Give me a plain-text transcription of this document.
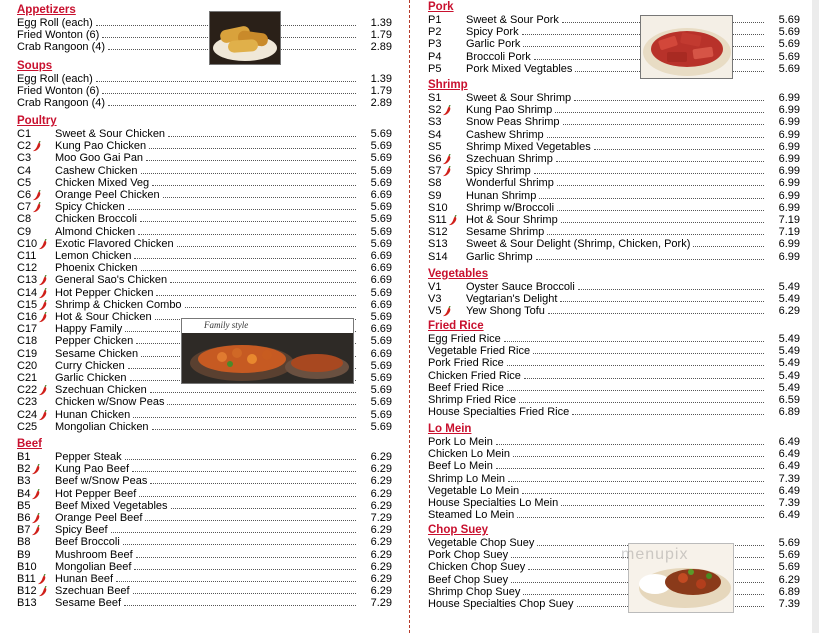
Appetizers
Egg Roll (each)	1.39
Fried Wonton (6)	1.79
Crab Rangoon (4)	2.89
Soups
Egg Roll (each)	1.39
Fried Wonton (6)	1.79
Crab Rangoon (4)	2.89
Poultry
C1 Sweet & Sour Chicken	5.69
C2 Kung Pao Chicken	5.69
C3 Moo Goo Gai Pan	5.69
C4 Cashew Chicken	5.69
C5 Chicken Mixed Veg	5.69
C6 Orange Peel Chicken	6.69
C7 Spicy Chicken	5.69
C8 Chicken Broccoli	5.69
C9 Almond Chicken	5.69
C10 Exotic Flavored Chicken	5.69
C11 Lemon Chicken	6.69
C12 Phoenix Chicken	6.69
C13 General Sao's Chicken	6.69
C14 Hot Pepper Chicken	5.69
C15 Shrimp & Chicken Combo	6.69
C16 Hot & Sour Chicken	5.69
C17 Happy Family	6.69
C18 Pepper Chicken	5.69
C19 Sesame Chicken	6.69
C20 Curry Chicken	5.69
C21 Garlic Chicken	5.69
C22 Szechuan Chicken	5.69
C23 Chicken w/Snow Peas	5.69
C24 Hunan Chicken	5.69
C25 Mongolian Chicken	5.69
Beef
B1 Pepper Steak	6.29
B2 Kung Pao Beef	6.29
B3 Beef w/Snow Peas	6.29
B4 Hot Pepper Beef	6.29
B5 Beef Mixed Vegetables	6.29
B6 Orange Peel Beef	7.29
B7 Spicy Beef	6.29
B8 Beef Broccoli	6.29
B9 Mushroom Beef	6.29
B10 Mongolian Beef	6.29
B11 Hunan Beef	6.29
B12 Szechuan Beef	6.29
B13 Sesame Beef	7.29
Pork
P1 Sweet & Sour Pork	5.69
P2 Spicy Pork	5.69
P3 Garlic Pork	5.69
P4 Broccoli Pork	5.69
P5 Pork Mixed Vegtables	5.69
Shrimp
S1 Sweet & Sour Shrimp	6.99
S2 Kung Pao Shrimp	6.99
S3 Snow Peas Shrimp	6.99
S4 Cashew Shrimp	6.99
S5 Shrimp Mixed Vegetables	6.99
S6 Szechuan Shrimp	6.99
S7 Spicy Shrimp	6.99
S8 Wonderful Shrimp	6.99
S9 Hunan Shrimp	6.99
S10 Shrimp w/Broccoli	6.99
S11 Hot & Sour Shrimp	7.19
S12 Sesame Shrimp	7.19
S13 Sweet & Sour Delight (Shrimp, Chicken, Pork)	6.99
S14 Garlic Shrimp	6.99
Vegetables
V1 Oyster Sauce Broccoli	5.49
V3 Vegtarian's Delight	5.49
V5 Yew Shong Tofu	6.29
Fried Rice
Egg Fried Rice	5.49
Vegetable Fried Rice	5.49
Pork Fried Rice	5.49
Chicken Fried Rice	5.49
Beef Fried Rice	5.49
Shrimp Fried Rice	6.59
House Specialties Fried Rice	6.89
Lo Mein
Pork Lo Mein	6.49
Chicken Lo Mein	6.49
Beef Lo Mein	6.49
Shrimp Lo Mein	7.39
Vegetable Lo Mein	6.49
House Specialties Lo Mein	7.39
Steamed Lo Mein	6.49
Chop Suey
Vegetable Chop Suey	5.69
Pork Chop Suey	5.69
Chicken Chop Suey	5.69
Beef Chop Suey	6.29
Shrimp Chop Suey	6.89
House Specialties Chop Suey	7.39
Family style
menupix
